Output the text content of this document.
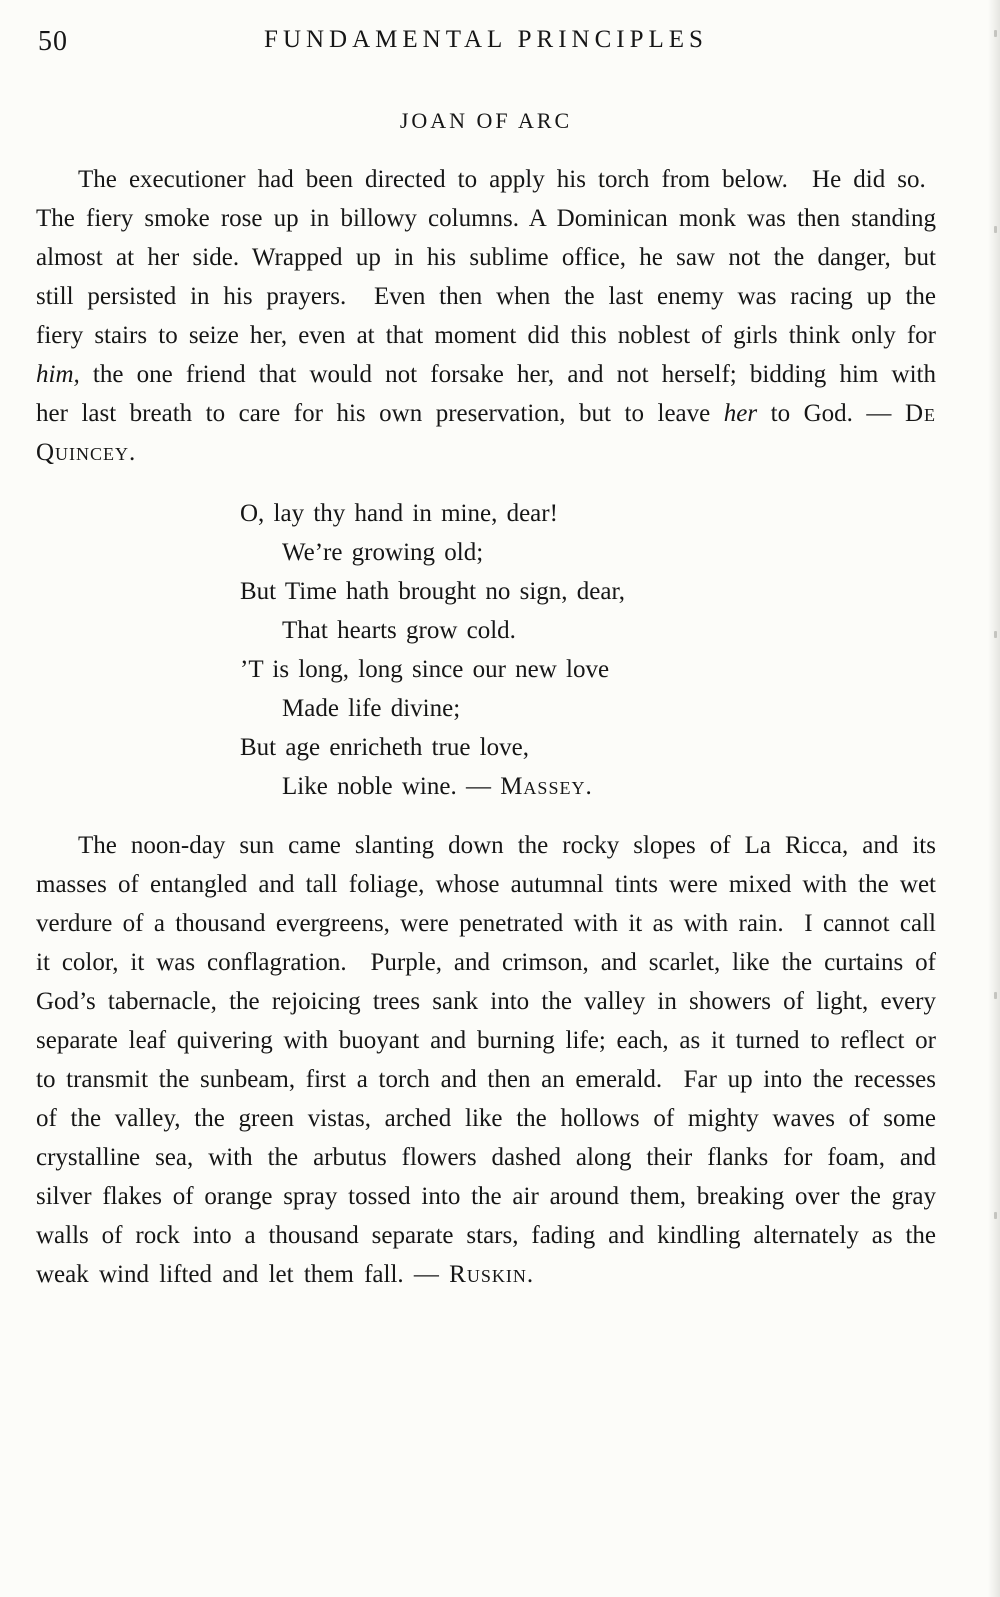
50	FUNDAMENTAL PRINCIPLES
JOAN OF ARC

The executioner had been directed to apply his torch from below.  He did so.  The fiery smoke rose up in billowy columns. A Dominican monk was then standing almost at her side. Wrapped up in his sublime office, he saw not the danger, but still persisted in his prayers.  Even then when the last enemy was racing up the fiery stairs to seize her, even at that moment did this noblest of girls think only for him, the one friend that would not forsake her, and not herself; bidding him with her last breath to care for his own preservation, but to leave her to God. — De Quincey.

O, lay thy hand in mine, dear!
We’re growing old;
But Time hath brought no sign, dear,
That hearts grow cold.
’T is long, long since our new love
Made life divine;
But age enricheth true love,
Like noble wine. — Massey.

The noon-day sun came slanting down the rocky slopes of La Ricca, and its masses of entangled and tall foliage, whose autumnal tints were mixed with the wet verdure of a thousand evergreens, were penetrated with it as with rain.  I cannot call it color, it was conflagration.  Purple, and crimson, and scarlet, like the curtains of God’s tabernacle, the rejoicing trees sank into the valley in showers of light, every separate leaf quivering with buoyant and burning life; each, as it turned to reflect or to transmit the sunbeam, first a torch and then an emerald.  Far up into the recesses of the valley, the green vistas, arched like the hollows of mighty waves of some crystalline sea, with the arbutus flowers dashed along their flanks for foam, and silver flakes of orange spray tossed into the air around them, breaking over the gray walls of rock into a thousand separate stars, fading and kindling alternately as the weak wind lifted and let them fall. — Ruskin.
